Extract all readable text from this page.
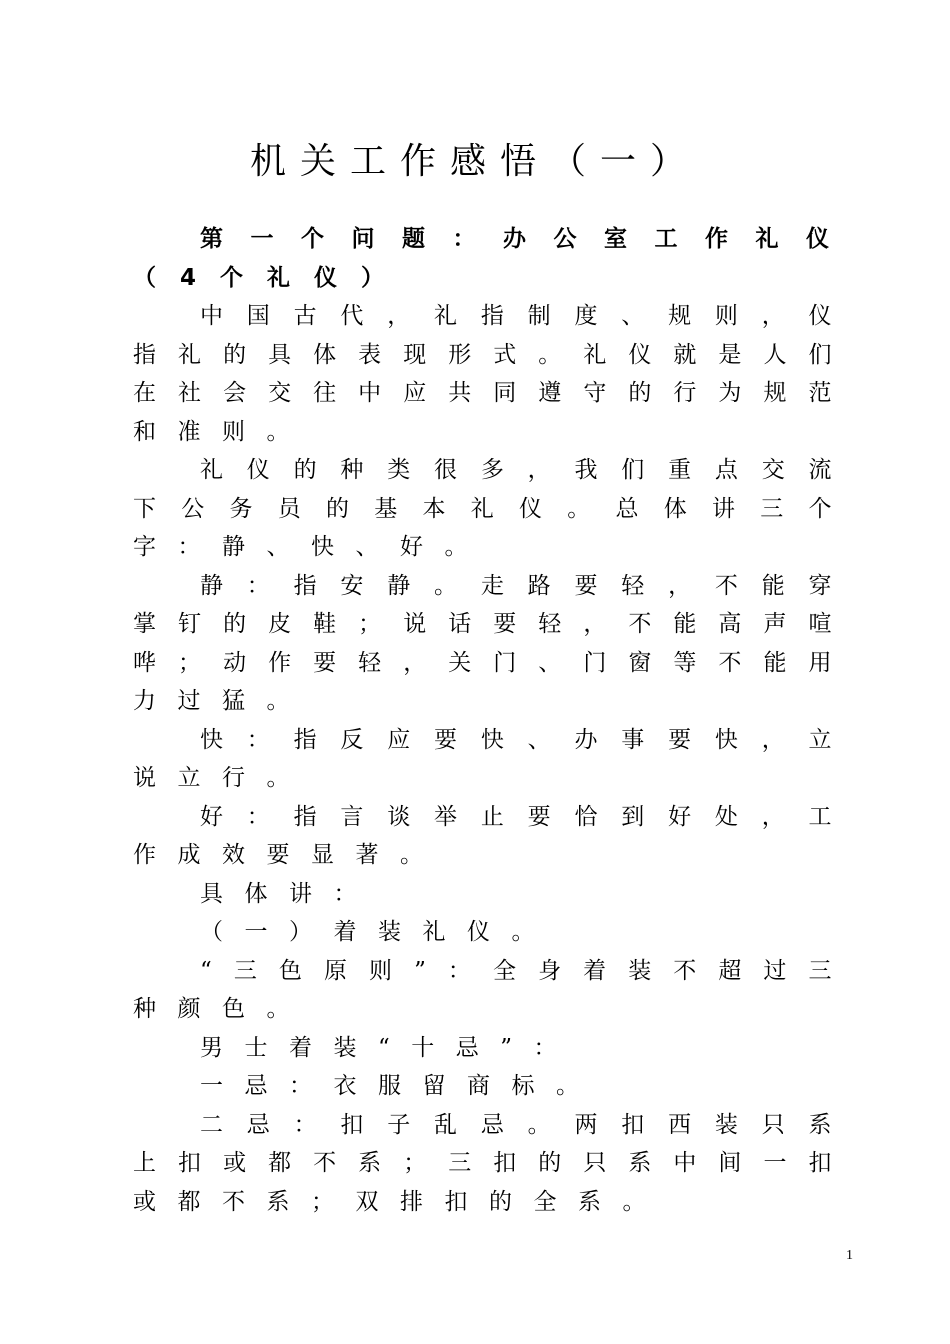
机关工作感悟（一）

第一个问题：办公室工作礼仪（4个礼仪）

中国古代，礼指制度、规则，仪指礼的具体表现形式。礼仪就是人们在社会交往中应共同遵守的行为规范和准则。

礼仪的种类很多，我们重点交流下公务员的基本礼仪。总体讲三个字：静、快、好。

静：指安静。走路要轻，不能穿掌钉的皮鞋；说话要轻，不能高声喧哗；动作要轻，关门、门窗等不能用力过猛。

快：指反应要快、办事要快，立说立行。

好：指言谈举止要恰到好处，工作成效要显著。

具体讲：

（一）着装礼仪。

“三色原则”：全身着装不超过三种颜色。

男士着装“十忌”：

一忌：衣服留商标。

二忌：扣子乱忌。两扣西装只系上扣或都不系；三扣的只系中间一扣或都不系；双排扣的全系。

1
